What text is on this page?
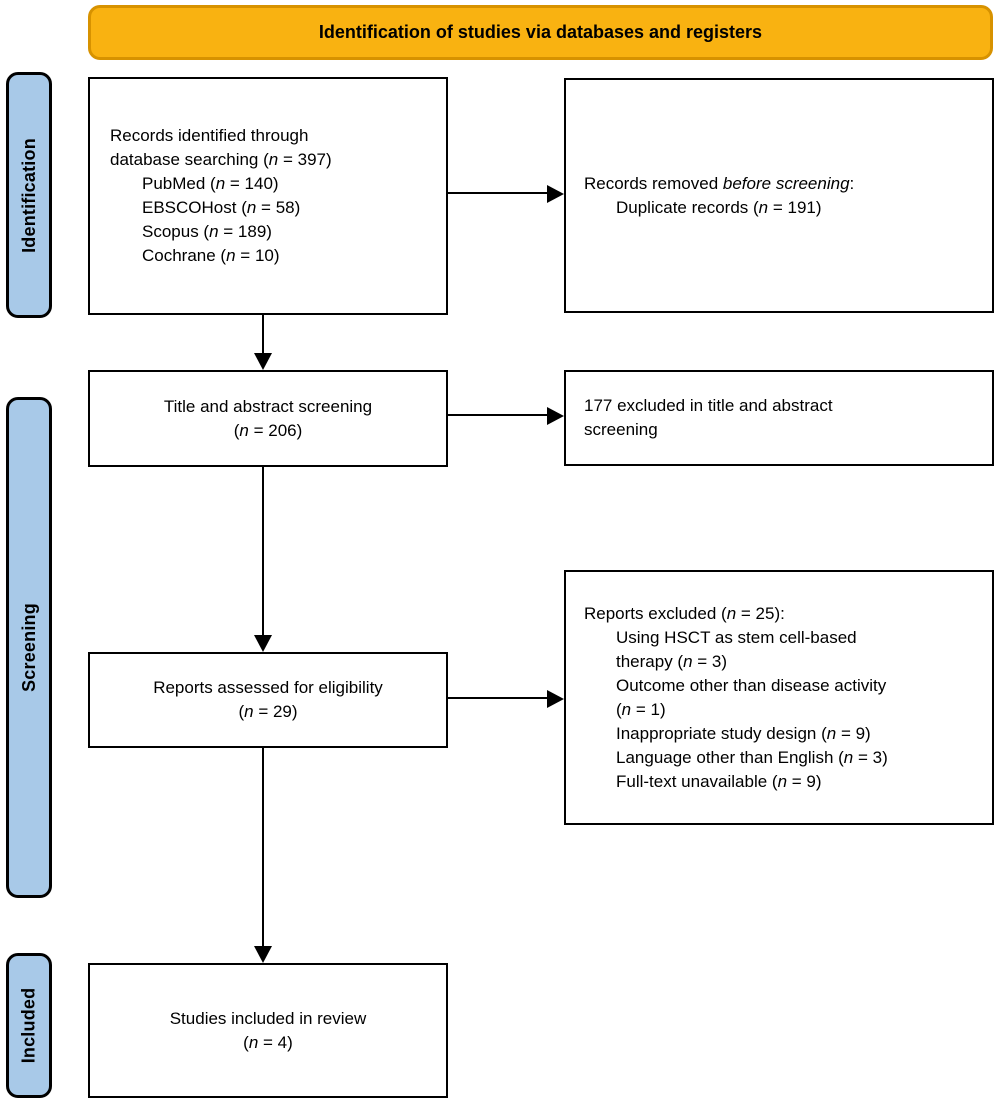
Identification of studies via databases and registers
Identification
Screening
Included
Records identified through
database searching (n = 397)
PubMed (n = 140)
EBSCOHost (n = 58)
Scopus (n = 189)
Cochrane (n = 10)
Records removed before screening:
Duplicate records (n = 191)
Title and abstract screening
(n = 206)
177 excluded in title and abstract
screening
Reports assessed for eligibility
(n = 29)
Reports excluded (n = 25):
Using HSCT as stem cell-based
therapy (n = 3)
Outcome other than disease activity
(n = 1)
Inappropriate study design (n = 9)
Language other than English (n = 3)
Full-text unavailable (n = 9)
Studies included in review
(n = 4)
